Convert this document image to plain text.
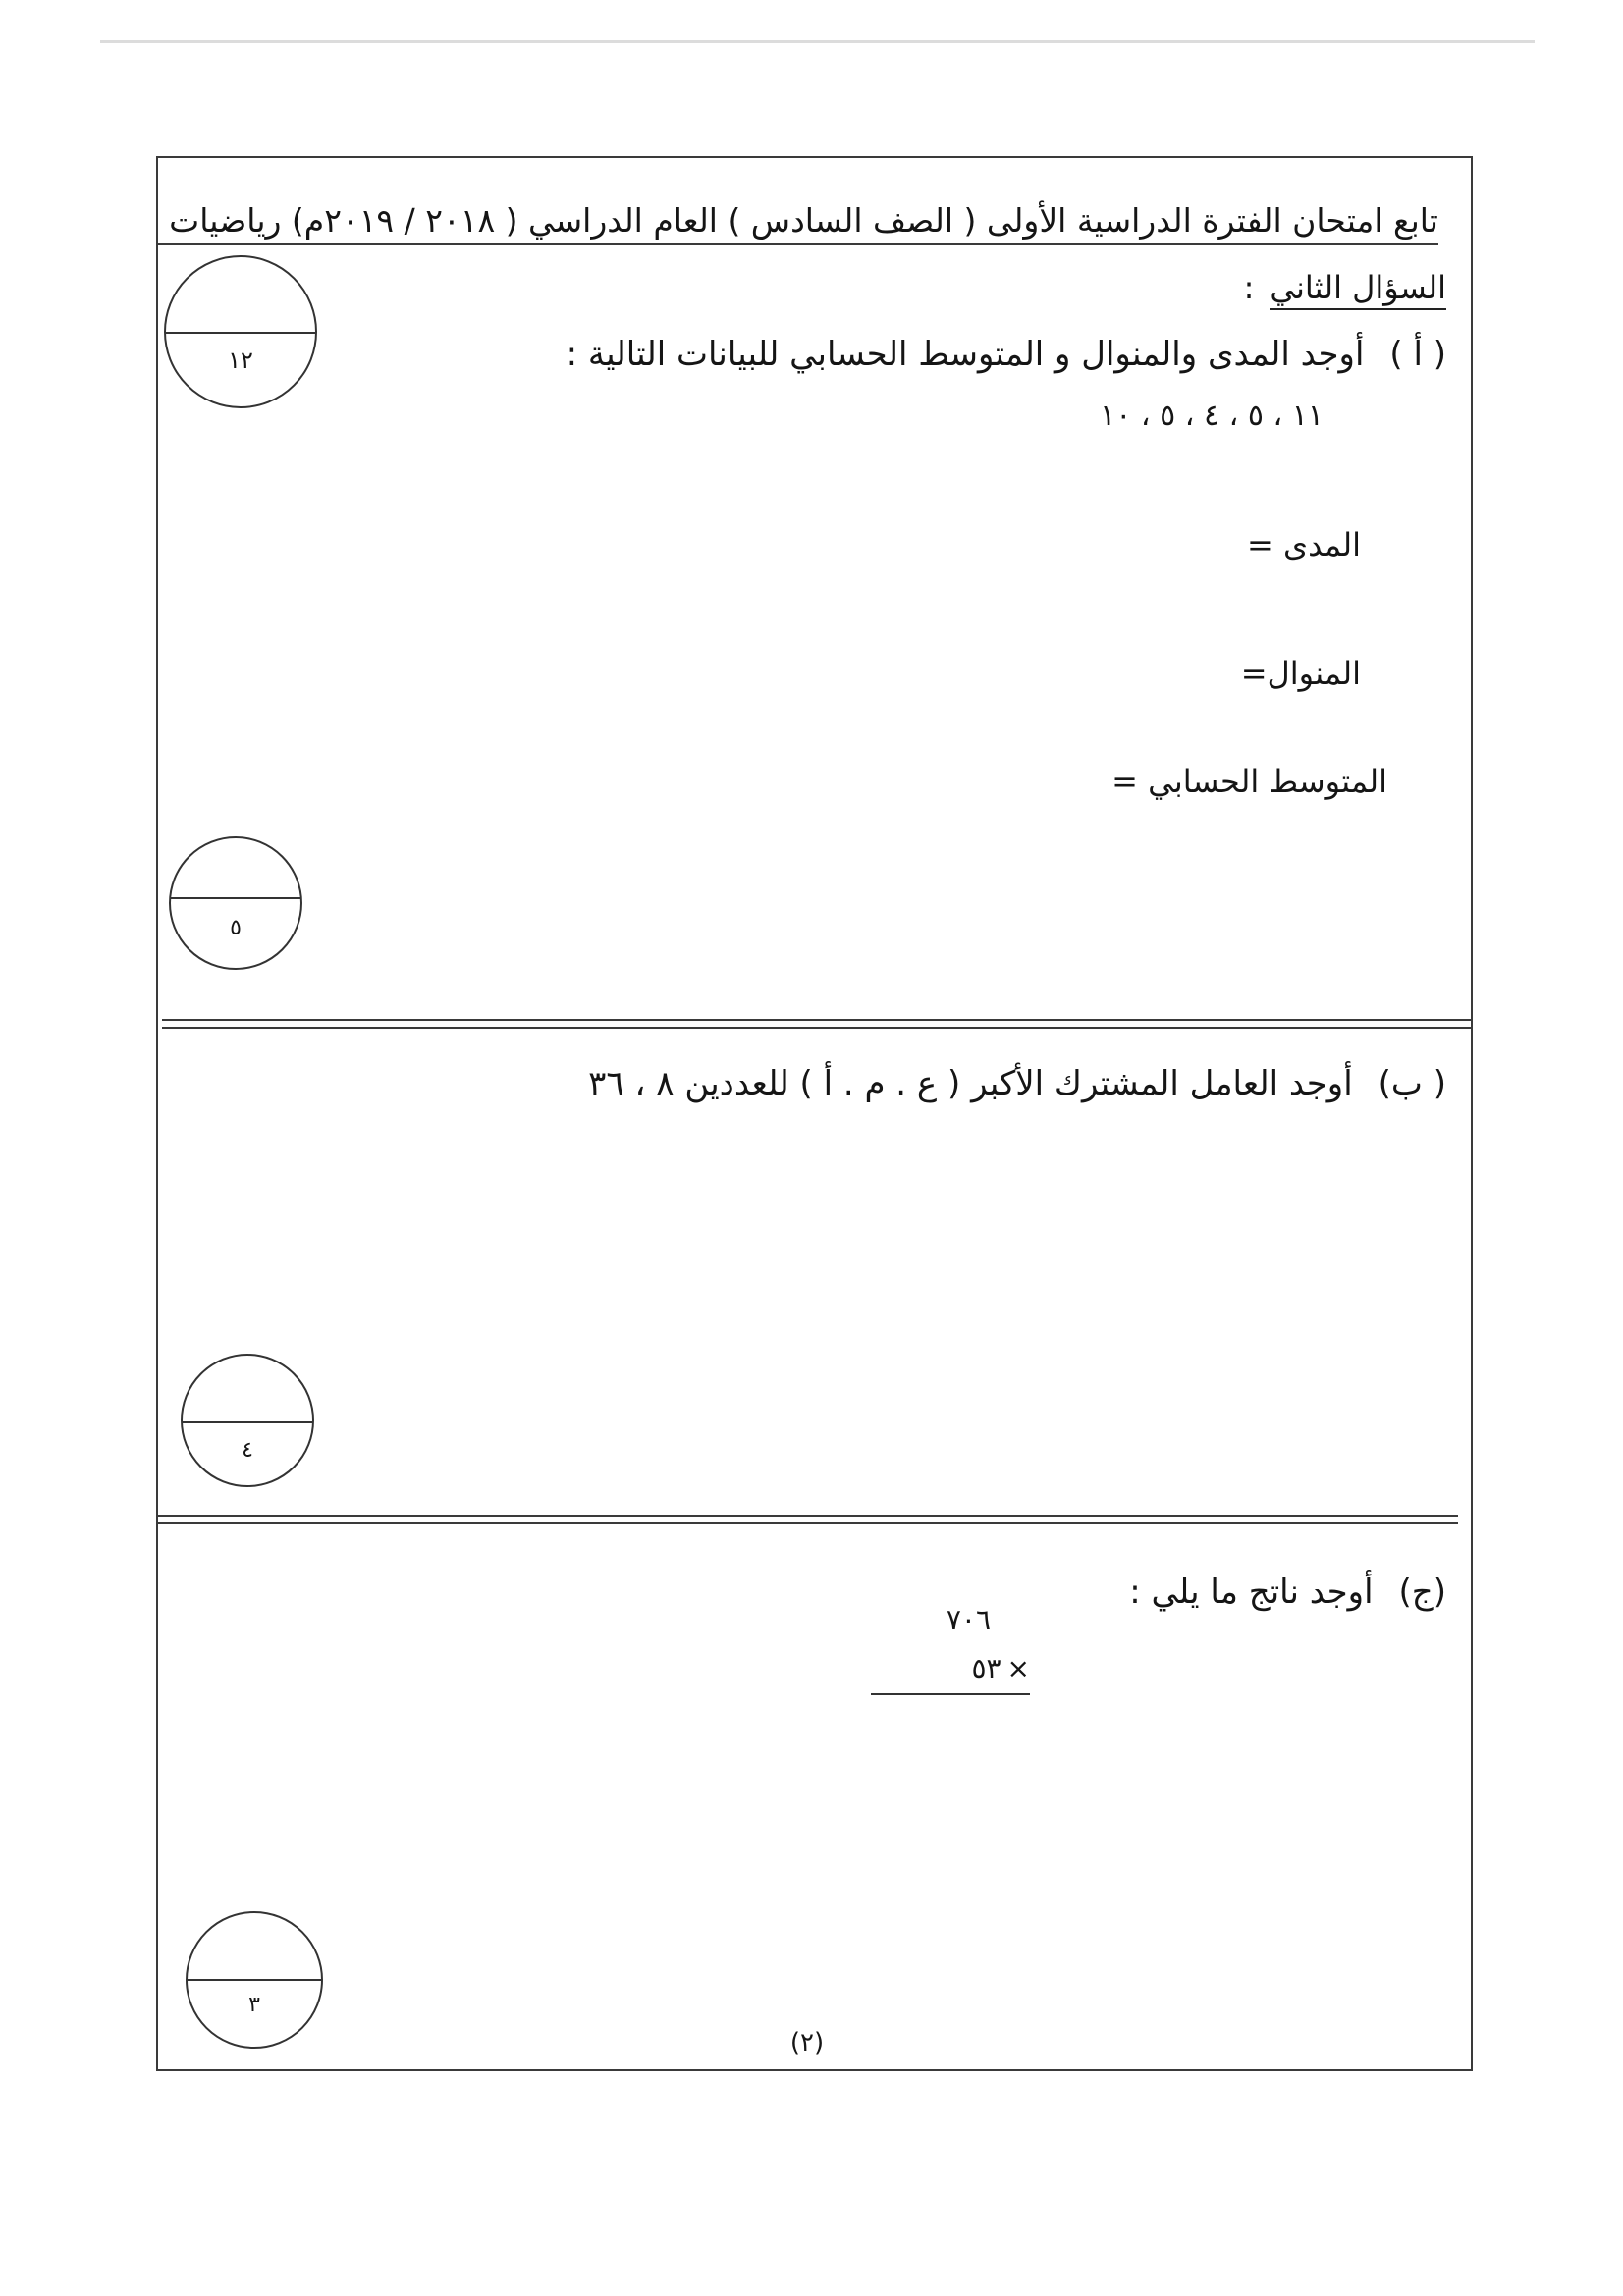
تابع امتحان الفترة الدراسية الأولى ( الصف السادس ) العام الدراسي ( ٢٠١٨ / ٢٠١٩م) رياضيات
١٢
السؤال الثاني:
( أ )أوجد المدى والمنوال و المتوسط الحسابي للبيانات التالية :
١١ ، ٥ ، ٤ ، ٥ ، ١٠
المدى =
المنوال=
المتوسط الحسابي =
٥
( ب)أوجد العامل المشترك الأكبر ( ع . م . أ ) للعددين ٨ ، ٣٦
٤
(ج)أوجد ناتج ما يلي :
٧٠٦
٥٣ ×
٣
(٢)
